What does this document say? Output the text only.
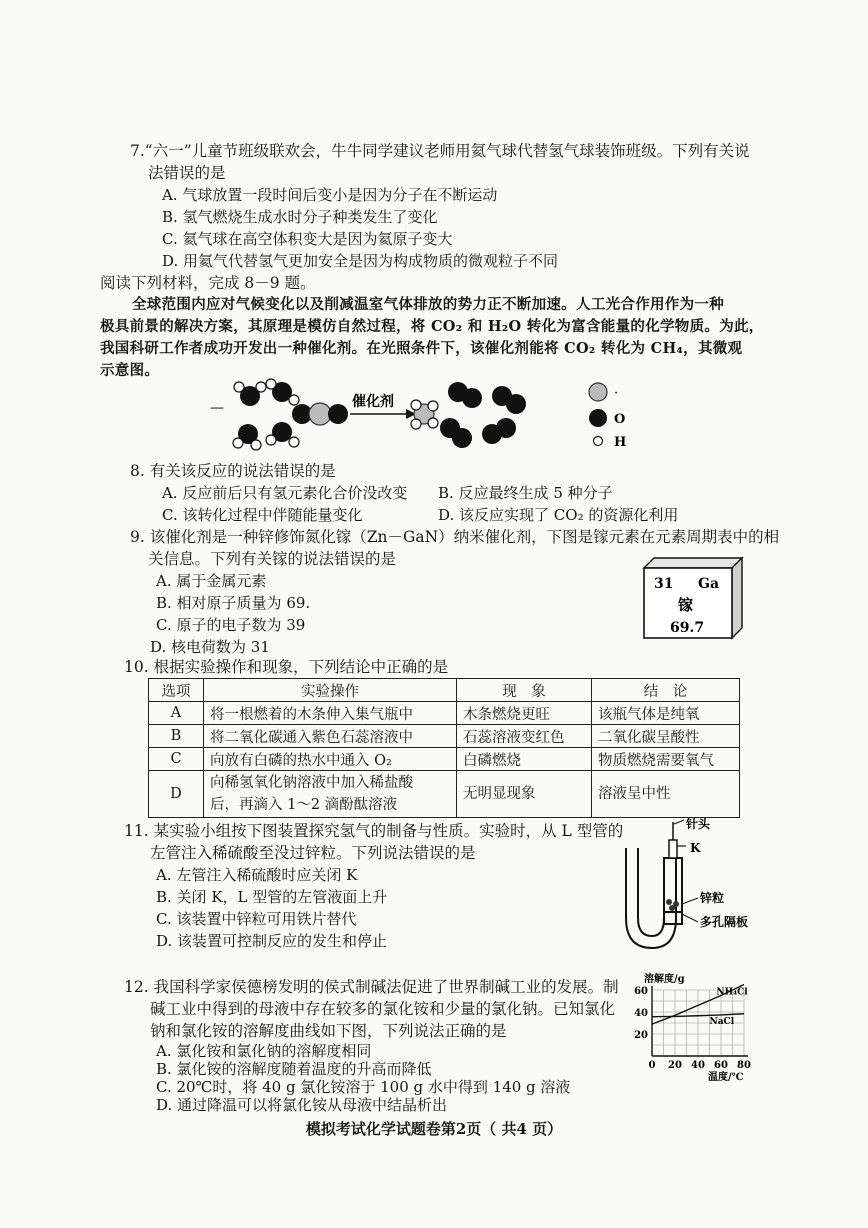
7.“六一”儿童节班级联欢会，牛牛同学建议老师用氦气球代替氢气球装饰班级。下列有关说
法错误的是
A. 气球放置一段时间后变小是因为分子在不断运动
B. 氢气燃烧生成水时分子种类发生了变化
C. 氦气球在高空体积变大是因为氦原子变大
D. 用氦气代替氢气更加安全是因为构成物质的微观粒子不同
阅读下列材料，完成 8－9 题。
全球范围内应对气候变化以及削减温室气体排放的势力正不断加速。人工光合作用作为一种
极具前景的解决方案，其原理是模仿自然过程，将 CO₂ 和 H₂O 转化为富含能量的化学物质。为此，
我国科研工作者成功开发出一种催化剂。在光照条件下，该催化剂能将 CO₂ 转化为 CH₄，其微观
示意图。
—	催化剂
·
O
H
8. 有关该反应的说法错误的是
A. 反应前后只有氢元素化合价没改变 B. 反应最终生成 5 种分子
C. 该转化过程中伴随能量变化	D. 该反应实现了 CO₂ 的资源化利用
9. 该催化剂是一种锌修饰氮化镓（Zn－GaN）纳米催化剂，下图是镓元素在元素周期表中的相
关信息。下列有关镓的说法错误的是
A. 属于金属元素
B. 相对原子质量为 69.
C. 原子的电子数为 39
D. 核电荷数为 31
31 Ga
镓
69.7
10. 根据实验操作和现象，下列结论中正确的是
选项	实验操作	现　象	结　论
A	将一根燃着的木条伸入集气瓶中	木条燃烧更旺	该瓶气体是纯氧
B	将二氧化碳通入紫色石蕊溶液中	石蕊溶液变红色	二氧化碳呈酸性
C	向放有白磷的热水中通入 O₂	白磷燃烧	物质燃烧需要氧气
D	向稀氢氧化钠溶液中加入稀盐酸
后，再滴入 1～2 滴酚酞溶液	无明显现象	溶液呈中性
11. 某实验小组按下图装置探究氢气的制备与性质。实验时，从 L 型管的
左管注入稀硫酸至没过锌粒。下列说法错误的是
A. 左管注入稀硫酸时应关闭 K
B. 关闭 K，L 型管的左管液面上升
C. 该装置中锌粒可用铁片替代
D. 该装置可控制反应的发生和停止
针头
K
锌粒
多孔隔板
12. 我国科学家侯德榜发明的侯式制碱法促进了世界制碱工业的发展。制
碱工业中得到的母液中存在较多的氯化铵和少量的氯化钠。已知氯化
钠和氯化铵的溶解度曲线如下图，下列说法正确的是
A. 氯化铵和氯化钠的溶解度相同
B. 氯化铵的溶解度随着温度的升高而降低
C. 20℃时，将 40 g 氯化铵溶于 100 g 水中得到 140 g 溶液
0 20 40 60 80
20
40
60
溶解度/g
温度/℃
NH₄Cl
NaCl
模拟考试化学试题卷第2页（ 共4 页）
D. 通过降温可以将氯化铵从母液中结晶析出
